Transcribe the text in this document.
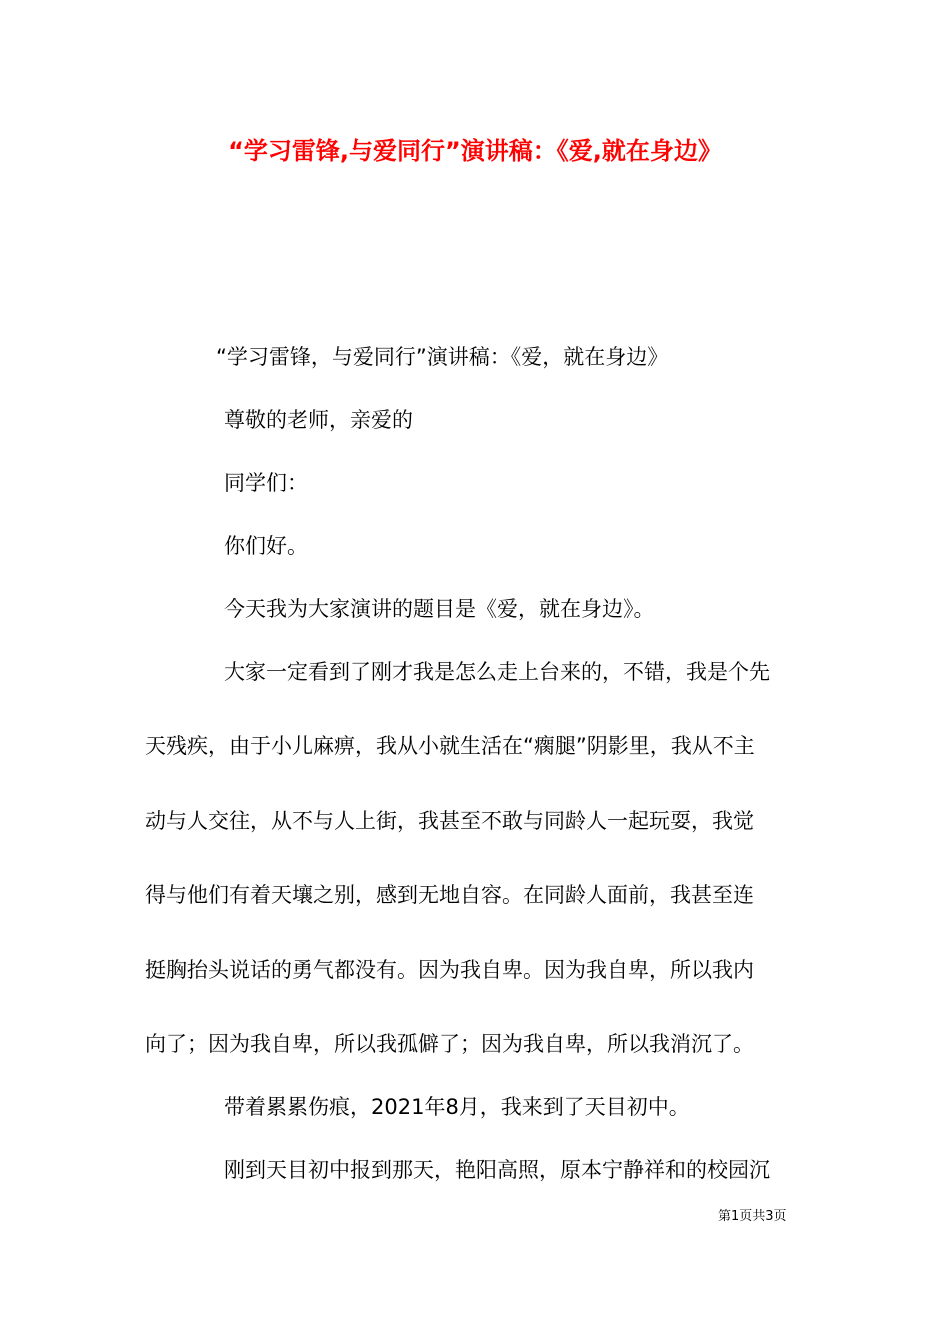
“学习雷锋,与爱同行”演讲稿：《爱,就在身边》
“学习雷锋，与爱同行”演讲稿：《爱，就在身边》
尊敬的老师，亲爱的
同学们：
你们好。
今天我为大家演讲的题目是《爱，就在身边》。
大家一定看到了刚才我是怎么走上台来的，不错，我是个先
天残疾，由于小儿麻痹，我从小就生活在“瘸腿”阴影里，我从不主
动与人交往，从不与人上街，我甚至不敢与同龄人一起玩耍，我觉
得与他们有着天壤之别，感到无地自容。在同龄人面前，我甚至连
挺胸抬头说话的勇气都没有。因为我自卑。因为我自卑，所以我内
向了；因为我自卑，所以我孤僻了；因为我自卑，所以我消沉了。
带着累累伤痕，2021年8月，我来到了天目初中。
刚到天目初中报到那天，艳阳高照，原本宁静祥和的校园沉
第1页共3页
